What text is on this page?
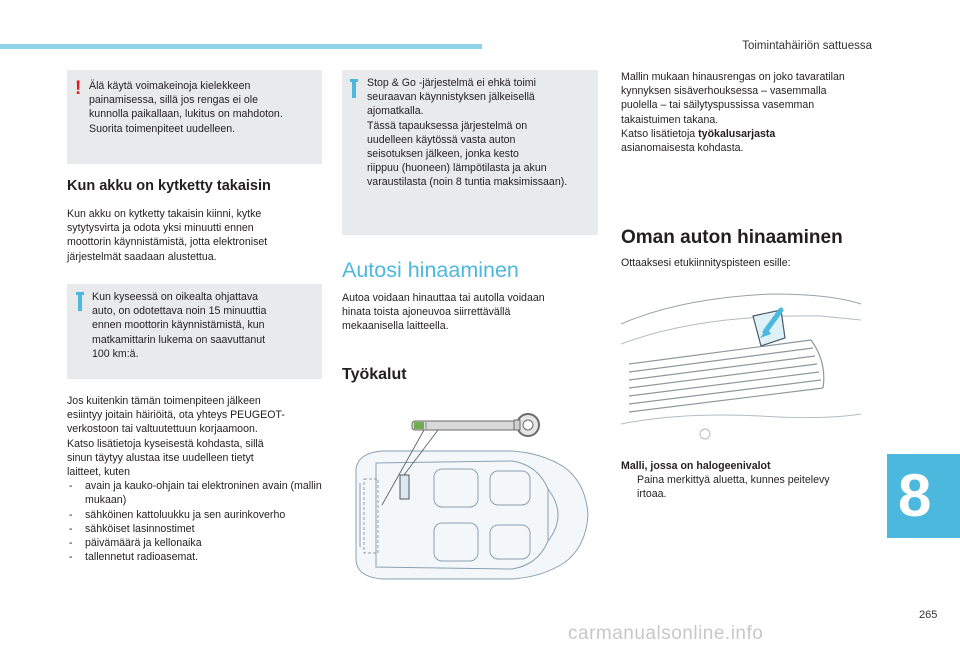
Toimintahäiriön sattuessa
! Älä käytä voimakeinoja kielekkeen

painamisessa, sillä jos rengas ei ole

kunnolla paikallaan, lukitus on mahdoton.

Suorita toimenpiteet uudelleen.

Kun akku on kytketty takaisin
Kun akku on kytketty takaisin kiinni, kytke
sytytysvirta ja odota yksi minuutti ennen
moottorin käynnistämistä, jotta elektroniset
järjestelmät saadaan alustettua.

Kun kyseessä on oikealta ohjattava

auto, on odotettava noin 15 minuuttia

ennen moottorin käynnistämistä, kun

matkamittarin lukema on saavuttanut

100 km:ä.

Jos kuitenkin tämän toimenpiteen jälkeen
esiintyy joitain häiriöitä, ota yhteys PEUGEOT-
verkostoon tai valtuutettuun korjaamoon.
Katso lisätietoja kyseisestä kohdasta, sillä
sinun täytyy alustaa itse uudelleen tietyt
laitteet, kuten
- avain ja kauko-ohjain tai elektroninen avain (mallin mukaan)
- sähköinen kattoluukku ja sen aurinkoverho
- sähköiset lasinnostimet
- päivämäärä ja kellonaika
- tallennetut radioasemat.

Stop & Go -järjestelmä ei ehkä toimi

seuraavan käynnistyksen jälkeisellä

ajomatkalla.

Tässä tapauksessa järjestelmä on

uudelleen käytössä vasta auton

seisotuksen jälkeen, jonka kesto

riippuu (huoneen) lämpötilasta ja akun

varaustilasta (noin 8 tuntia maksimissaan).

Autosi hinaaminen
Autoa voidaan hinauttaa tai autolla voidaan
hinata toista ajoneuvoa siirrettävällä
mekaanisella laitteella.
Työkalut
Mallin mukaan hinausrengas on joko tavaratilan
kynnyksen sisäverhouksessa – vasemmalla
puolella – tai säilytyspussissa vasemman
takaistuimen takana.
Katso lisätietoja työkalusarjasta
asianomaisesta kohdasta.
Oman auton hinaaminen
Ottaaksesi etukiinnityspisteen esille:
Malli, jossa on halogeenivalot
Paina merkittyä aluetta, kunnes peitelevy
irtoaa.	8
265
carmanualsonline.info
